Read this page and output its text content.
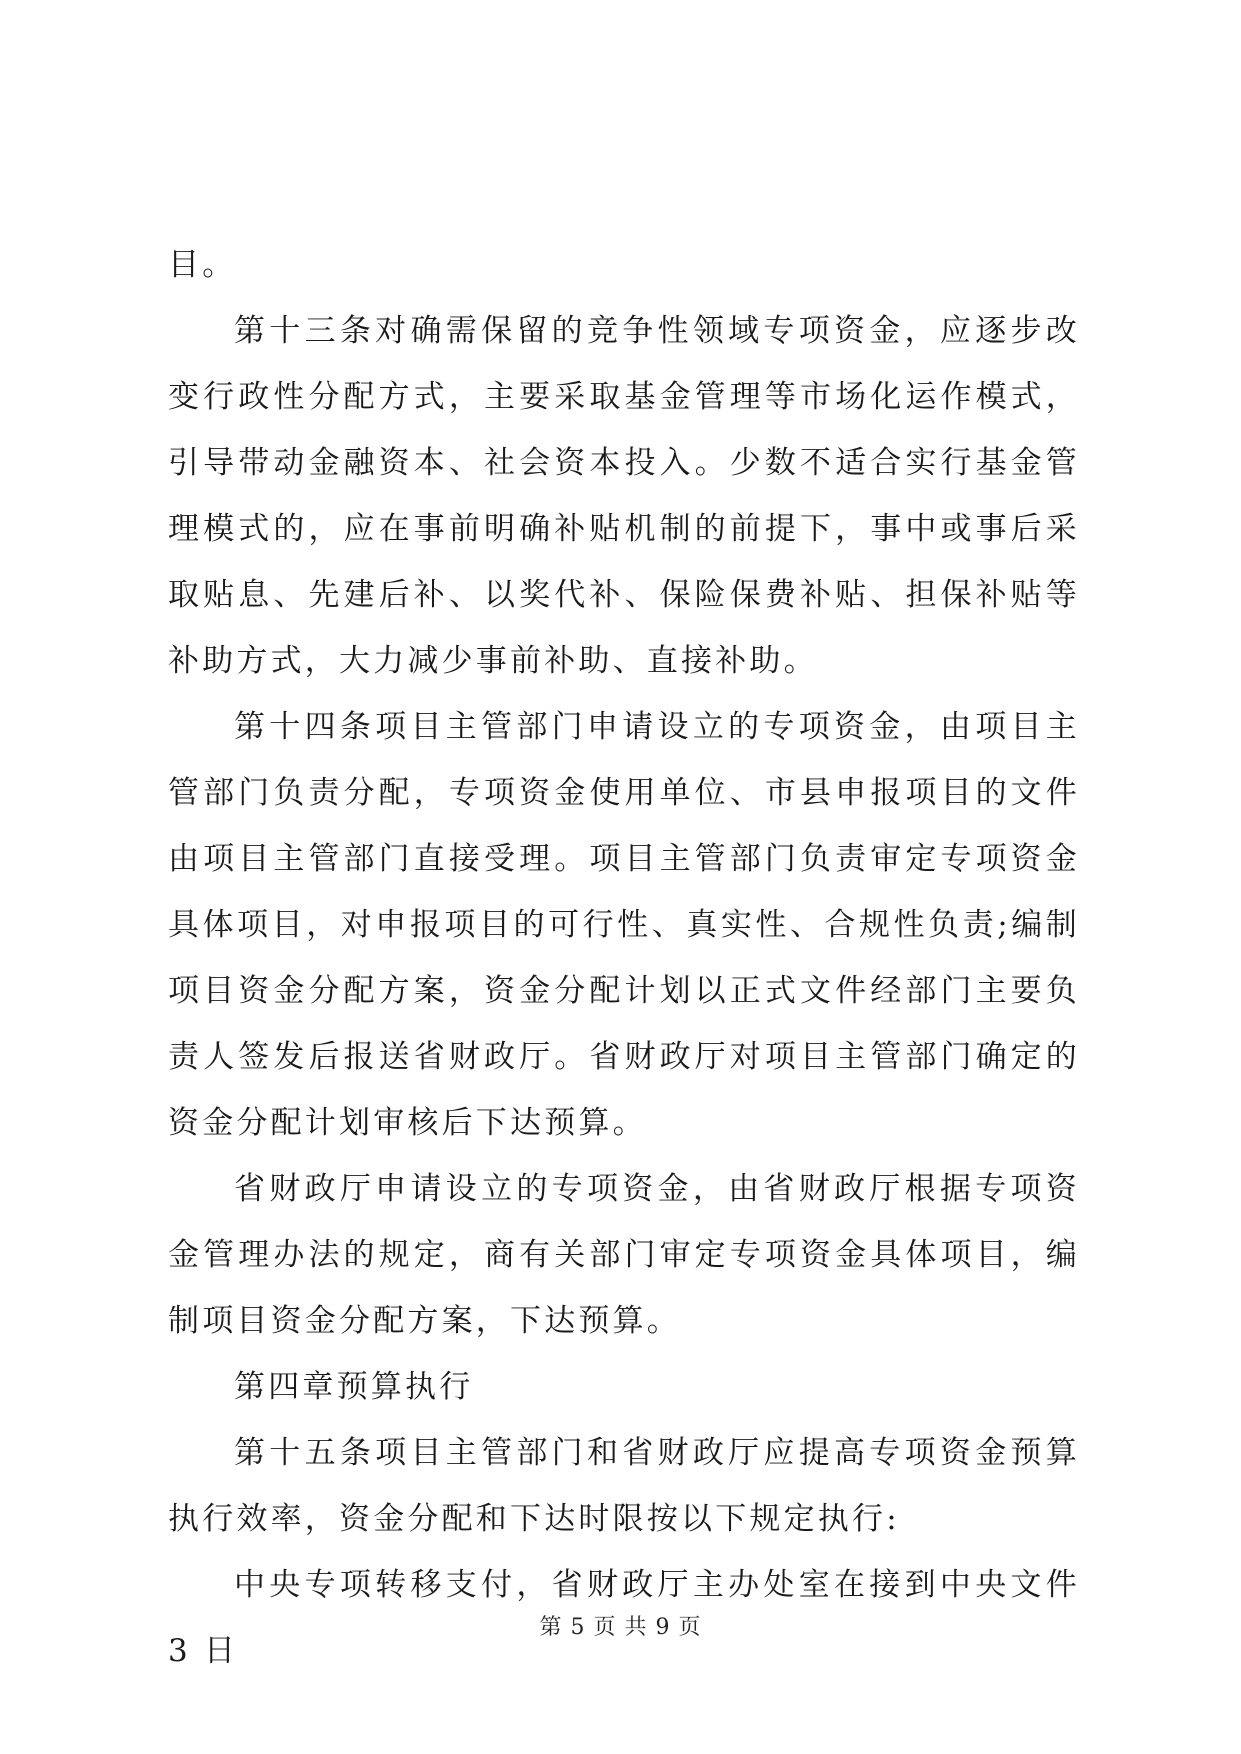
目。

第十三条对确需保留的竞争性领域专项资金，应逐步改变行政性分配方式，主要采取基金管理等市场化运作模式，引导带动金融资本、社会资本投入。少数不适合实行基金管理模式的，应在事前明确补贴机制的前提下，事中或事后采取贴息、先建后补、以奖代补、保险保费补贴、担保补贴等补助方式，大力减少事前补助、直接补助。

第十四条项目主管部门申请设立的专项资金，由项目主管部门负责分配，专项资金使用单位、市县申报项目的文件由项目主管部门直接受理。项目主管部门负责审定专项资金具体项目，对申报项目的可行性、真实性、合规性负责;编制项目资金分配方案，资金分配计划以正式文件经部门主要负责人签发后报送省财政厅。省财政厅对项目主管部门确定的资金分配计划审核后下达预算。

省财政厅申请设立的专项资金，由省财政厅根据专项资金管理办法的规定，商有关部门审定专项资金具体项目，编制项目资金分配方案，下达预算。

第四章预算执行

第十五条项目主管部门和省财政厅应提高专项资金预算执行效率，资金分配和下达时限按以下规定执行:

中央专项转移支付，省财政厅主办处室在接到中央文件 3 日

第 5 页 共 9 页
